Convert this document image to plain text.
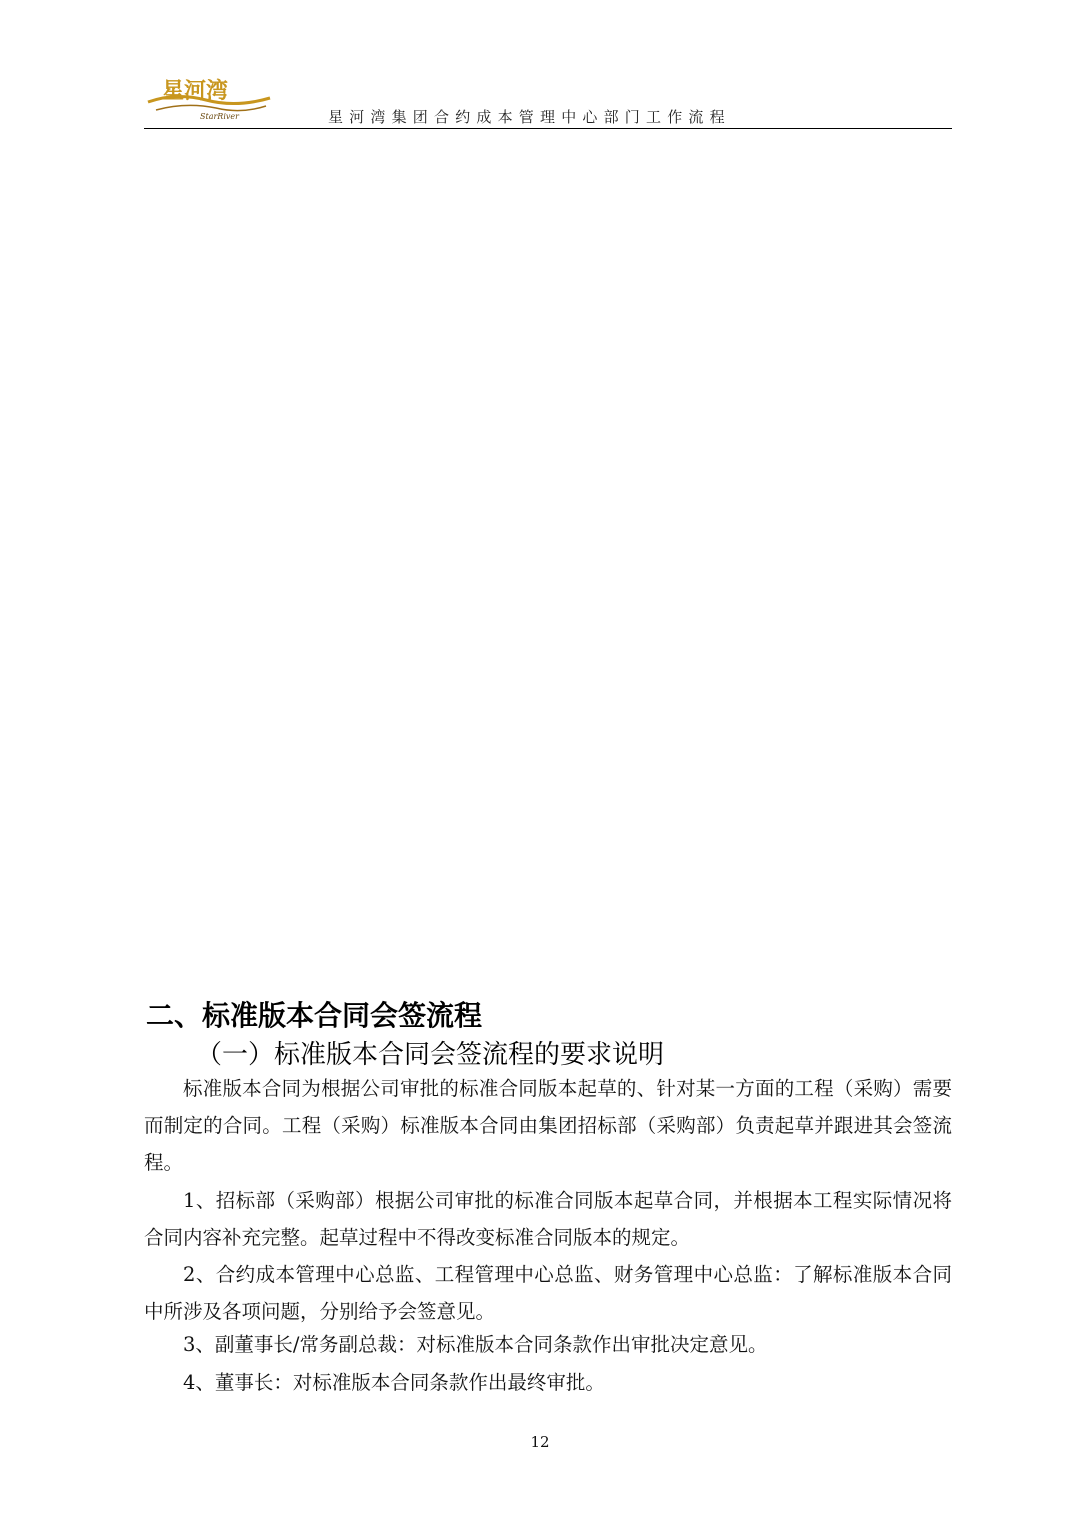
星河湾
StarRiver	星河湾集团合约成本管理中心部门工作流程
二、标准版本合同会签流程
（一）标准版本合同会签流程的要求说明

标准版本合同为根据公司审批的标准合同版本起草的、针对某一方面的工程（采购）需要而制定的合同。工程（采购）标准版本合同由集团招标部（采购部）负责起草并跟进其会签流程。

1、招标部（采购部）根据公司审批的标准合同版本起草合同，并根据本工程实际情况将合同内容补充完整。起草过程中不得改变标准合同版本的规定。

2、合约成本管理中心总监、工程管理中心总监、财务管理中心总监：了解标准版本合同中所涉及各项问题，分别给予会签意见。

3、副董事长/常务副总裁：对标准版本合同条款作出审批决定意见。

4、董事长：对标准版本合同条款作出最终审批。

12
